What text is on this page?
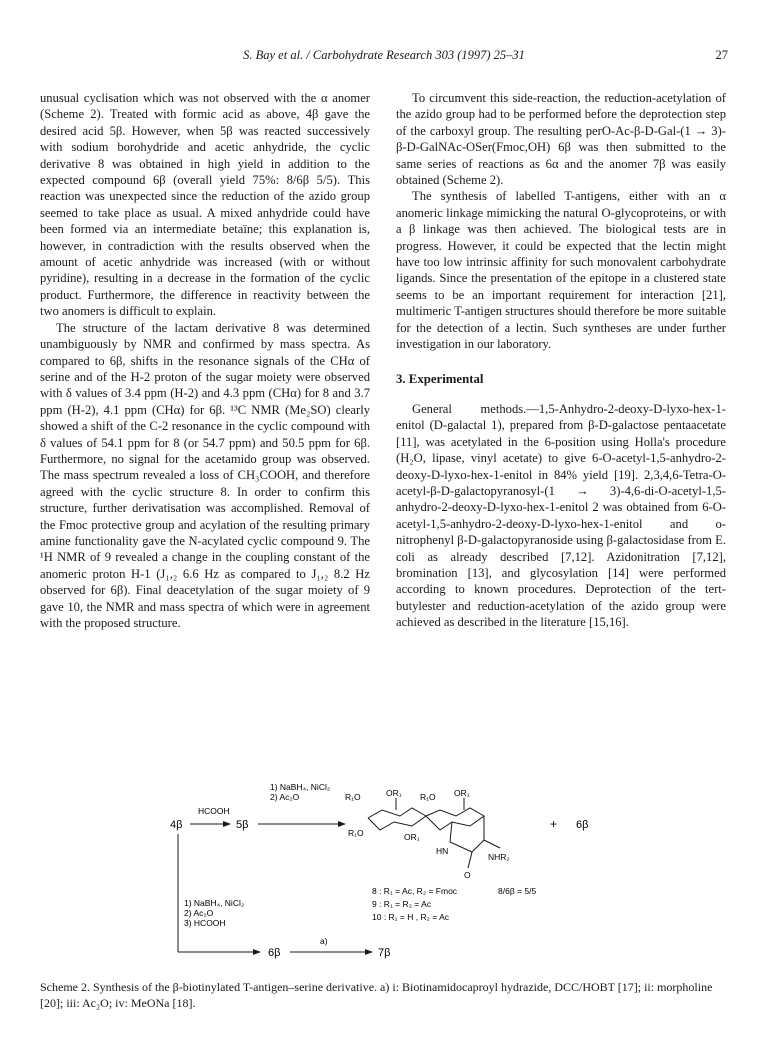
S. Bay et al. / Carbohydrate Research 303 (1997) 25–31	27

unusual cyclisation which was not observed with the α anomer (Scheme 2). Treated with formic acid as above, 4β gave the desired acid 5β. However, when 5β was reacted successively with sodium borohydride and acetic anhydride, the cyclic derivative 8 was obtained in high yield in addition to the expected compound 6β (overall yield 75%: 8/6β 5/5). This reaction was unexpected since the reduction of the azido group seemed to take place as usual. A mixed anhydride could have been formed via an intermediate betaïne; this explanation is, however, in contradiction with the results observed when the amount of acetic anhydride was increased (with or without pyridine), resulting in a decrease in the formation of the cyclic product. Furthermore, the difference in reactivity between the two anomers is difficult to explain.

The structure of the lactam derivative 8 was determined unambiguously by NMR and confirmed by mass spectra. As compared to 6β, shifts in the resonance signals of the CHα of serine and of the H-2 proton of the sugar moiety were observed with δ values of 3.4 ppm (H-2) and 4.3 ppm (CHα) for 8 and 3.7 ppm (H-2), 4.1 ppm (CHα) for 6β. ¹³C NMR (Me₂SO) clearly showed a shift of the C-2 resonance in the cyclic compound with δ values of 54.1 ppm for 8 (or 54.7 ppm) and 50.5 ppm for 6β. Furthermore, no signal for the acetamido group was observed. The mass spectrum revealed a loss of CH₃COOH, and therefore agreed with the cyclic structure 8. In order to confirm this structure, further derivatisation was accomplished. Removal of the Fmoc protective group and acylation of the resulting primary amine functionality gave the N-acylated cyclic compound 9. The ¹H NMR of 9 revealed a change in the coupling constant of the anomeric proton H-1 (J₁,₂ 6.6 Hz as compared to J₁,₂ 8.2 Hz observed for 6β). Final deacetylation of the sugar moiety of 9 gave 10, the NMR and mass spectra of which were in agreement with the proposed structure.

To circumvent this side-reaction, the reduction-acetylation of the azido group had to be performed before the deprotection step of the carboxyl group. The resulting perO-Ac-β-D-Gal-(1 → 3)-β-D-GalNAc-OSer(Fmoc,OH) 6β was then submitted to the same series of reactions as 6α and the anomer 7β was easily obtained (Scheme 2).

The synthesis of labelled T-antigens, either with an α anomeric linkage mimicking the natural O-glycoproteins, or with a β linkage was then achieved. The biological tests are in progress. However, it could be expected that the lectin might have too low intrinsic affinity for such monovalent carbohydrate ligands. Since the presentation of the epitope in a clustered state seems to be an important requirement for interaction [21], multimeric T-antigen structures should therefore be more suitable for the detection of a lectin. Such syntheses are under further investigation in our laboratory.

3. Experimental

General methods.—1,5-Anhydro-2-deoxy-D-lyxo-hex-1-enitol (D-galactal 1), prepared from β-D-galactose pentaacetate [11], was acetylated in the 6-position using Holla's procedure (H₂O, lipase, vinyl acetate) to give 6-O-acetyl-1,5-anhydro-2-deoxy-D-lyxo-hex-1-enitol in 84% yield [19]. 2,3,4,6-Tetra-O-acetyl-β-D-galactopyranosyl-(1 → 3)-4,6-di-O-acetyl-1,5-anhydro-2-deoxy-D-lyxo-hex-1-enitol 2 was obtained from 6-O-acetyl-1,5-anhydro-2-deoxy-D-lyxo-hex-1-enitol and o-nitrophenyl β-D-galactopyranoside using β-galactosidase from E. coli as already described [7,12]. Azidonitration [7,12], bromination [13], and glycosylation [14] were performed according to known procedures. Deprotection of the tert-butylester and reduction-acetylation of the azido group were achieved as described in the literature [15,16].

4β
HCOOH
5β
1) NaBH₄, NiCl₂
2) Ac₂O	R₁O	OR₁ R₁O OR₁
R₁O	OR₁
HN
NHR₂
O
+ 6β
8 : R₁ = Ac, R₂ = Fmoc	8/6β = 5/5
9 : R₁ = R₂ = Ac
10 : R₁ = H , R₂ = Ac
1) NaBH₄, NiCl₂
2) Ac₂O
3) HCOOH
6β
a)
7β
Scheme 2. Synthesis of the β-biotinylated T-antigen–serine derivative. a) i: Biotinamidocaproyl hydrazide, DCC/HOBT [17]; ii: morpholine [20]; iii: Ac₂O; iv: MeONa [18].
